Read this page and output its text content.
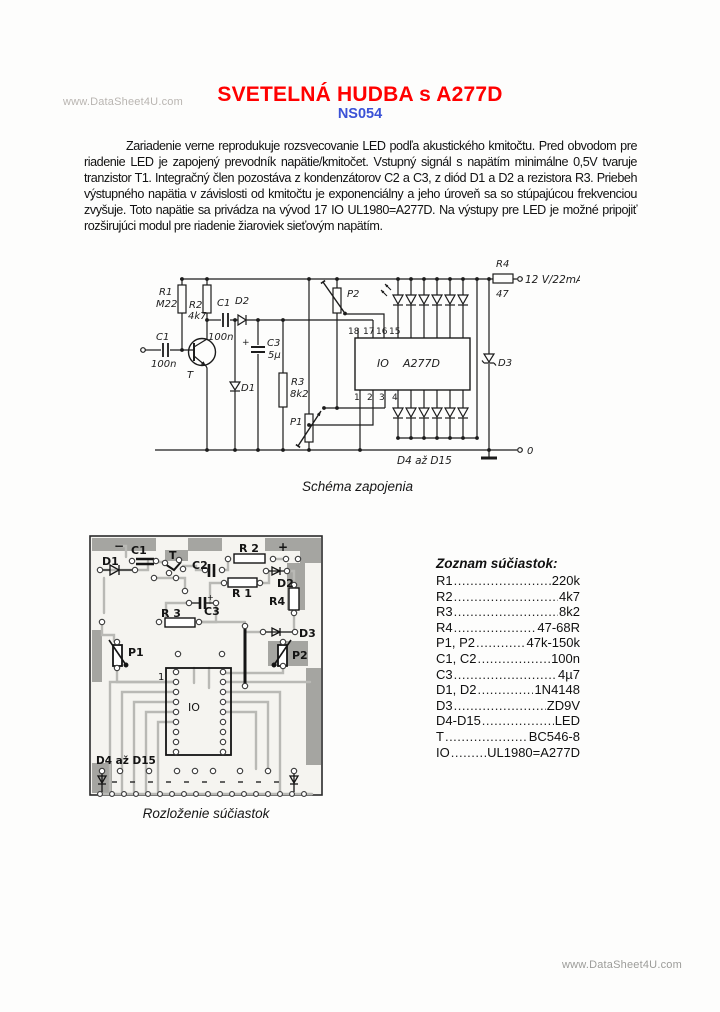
www.DataSheet4U.com	SVETELNÁ HUDBA s A277D
NS054
Zariadenie verne reprodukuje rozsvecovanie LED podľa akustického kmitočtu. Pred obvodom pre riadenie LED je zapojený prevodník napätie/kmitočet. Vstupný signál s napätím minimálne 0,5V tvaruje tranzistor T1. Integračný člen pozostáva z kondenzátorov C2 a C3, z diód D1 a D2 a rezistora R3. Priebeh výstupného napätia v závislosti od kmitočtu je exponenciálny a jeho úroveň sa so stúpajúcou frekvenciou zvyšuje. Toto napätie sa privádza na vývod 17 IO UL1980=A277D. Na výstupy pre LED je možné pripojiť rozširujúci modul pre riadenie žiaroviek sieťovým napätím.
R1
M22 R2
4k7
C1
100n
T
C1
100n
D2
D1
+ C3
5µ
R3
8k2
P1
P2
IO A277D
18 17 16 15
1 2 3 4
D3
R4
47
12 V/22mA
0
D4 až D15
Schéma zapojenia
− C1 T
C2
R 2 +
D1
D2
R 1
R4
+
C3
R 3
D3
P1	P2
IO
1
D4 až D15
Rozloženie súčiastok
Zoznam súčiastok:
R1 .....	220k
R2 .....	4k7
R3 .....	8k2
R4 .....	47-68R
P1, P2 .....	47k-150k
C1, C2 .....	100n
C3 .....	4µ7
D1, D2 .....	1N4148
D3 .....	ZD9V
D4-D15 .....	LED
T .....	BC546-8
IO .....	UL1980=A277D
www.DataSheet4U.com
